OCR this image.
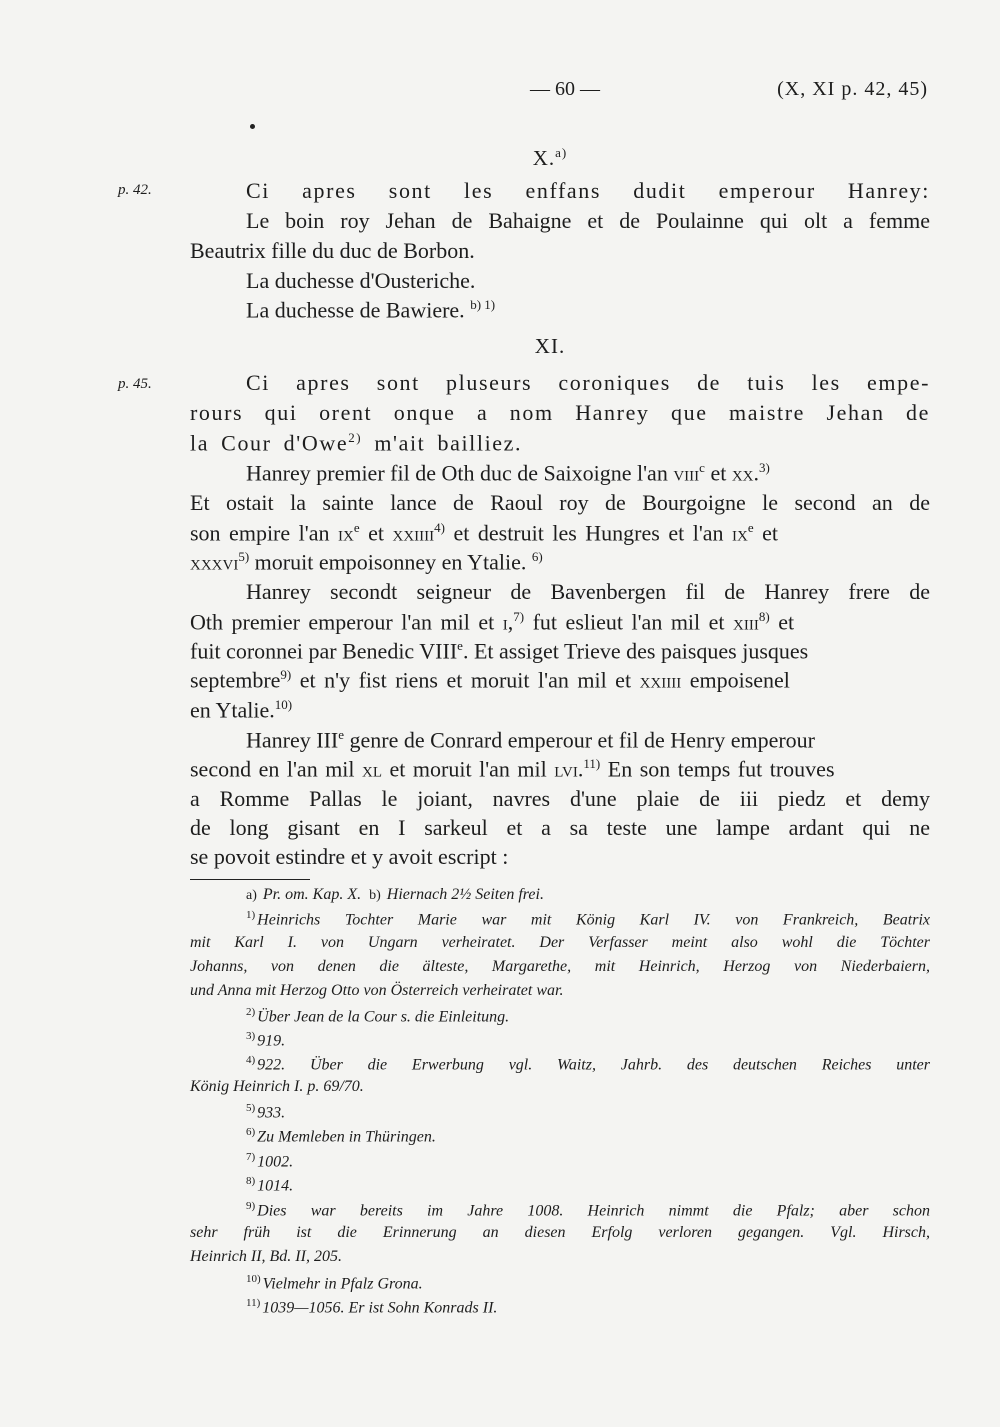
— 60 —	(X, XI p. 42, 45)
X.$^{a)}$
p. 42.	Ci apres sont les enffans dudit emperour Hanrey:
Le boin roy Jehan de Bahaigne et de Poulainne qui olt a femme
Beautrix fille du duc de Borbon.
La duchesse d'Ousteriche.
La duchesse de Bawiere. $^{b) 1)}$
XI.
p. 45.	Ci apres sont pluseurs coroniques de tuis les empe-
rours qui orent onque a nom Hanrey que maistre Jehan de
la Cour d'Owe$^{2)}$ m'ait bailliez.
Hanrey premier fil de Oth duc de Saixoigne l'an viii$^c$ et xx.$^{3)}$
Et ostait la sainte lance de Raoul roy de Bourgoigne le second an de
son empire l'an $ix^e$ et xxiiii$^{4)}$ et destruit les Hungres et l'an $ix^e$ et
xxxvi$^{5)}$ moruit empoisonney en Ytalie. $^{6)}$
Hanrey secondt seigneur de Bavenbergen fil de Hanrey frere de
Oth premier emperour l'an mil et i,$^{7)}$ fut eslieut l'an mil et xiii$^{8)}$ et
fuit coronnei par Benedic VIIIe. Et assiget Trieve des paisques jusques
septembre$^{9)}$ et n'y fist riens et moruit l'an mil et xxiiii empoisenel
en Ytalie.$^{10)}$
Hanrey IIIe genre de Conrard emperour et fil de Henry emperour
second en l'an mil xl et moruit l'an mil lvi.$^{11)}$ En son temps fut trouves
a Romme Pallas le joiant, navres d'une plaie de iii piedz et demy
de long gisant en I sarkeul et a sa teste une lampe ardant qui ne
se povoit estindre et y avoit escript :
a) Pr. om. Kap. X. b) Hiernach 2½ Seiten frei.
$^{1)}$ Heinrichs Tochter Marie war mit König Karl IV. von Frankreich, Beatrix
mit Karl I. von Ungarn verheiratet. Der Verfasser meint also wohl die Töchter
Johanns, von denen die älteste, Margarethe, mit Heinrich, Herzog von Niederbaiern,
und Anna mit Herzog Otto von Österreich verheiratet war.
$^{2)}$ Über Jean de la Cour s. die Einleitung.
$^{3)}$ 919.
$^{4)}$ 922. Über die Erwerbung vgl. Waitz, Jahrb. des deutschen Reiches unter
König Heinrich I. p. 69/70.
$^{5)}$ 933.
$^{6)}$ Zu Memleben in Thüringen.
$^{7)}$ 1002.
$^{8)}$ 1014.
$^{9)}$ Dies war bereits im Jahre 1008. Heinrich nimmt die Pfalz; aber schon
sehr früh ist die Erinnerung an diesen Erfolg verloren gegangen. Vgl. Hirsch,
Heinrich II, Bd. II, 205.
$^{10)}$ Vielmehr in Pfalz Grona.
$^{11)}$ 1039—1056. Er ist Sohn Konrads II.
